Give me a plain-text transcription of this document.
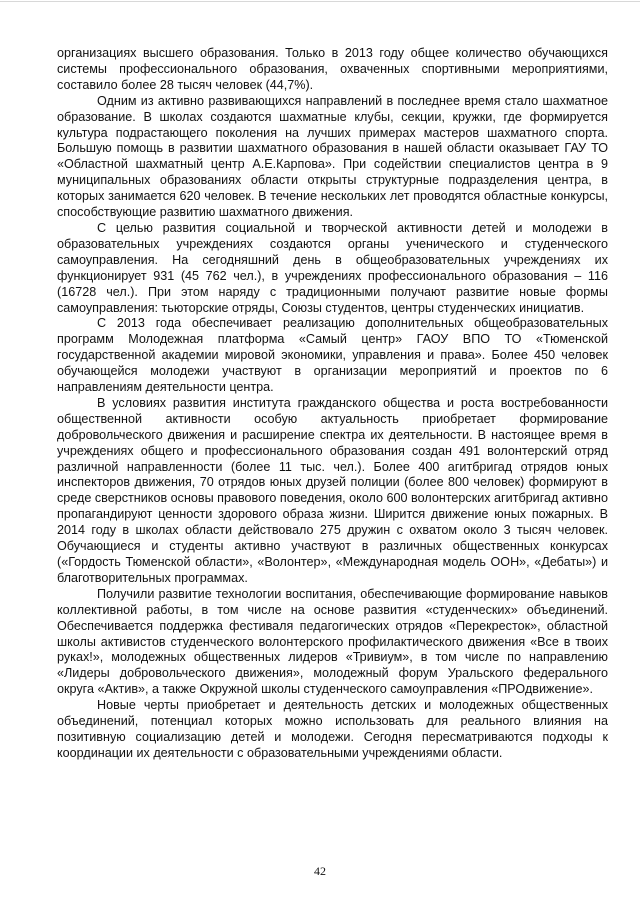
организациях высшего образования. Только в 2013 году общее количество обучающихся системы профессионального образования, охваченных спортивными мероприятиями, составило более 28 тысяч человек (44,7%).

Одним из активно развивающихся направлений в последнее время стало шахматное образование. В школах создаются шахматные клубы, секции, кружки, где формируется культура подрастающего поколения на лучших примерах мастеров шахматного спорта. Большую помощь в развитии шахматного образования в нашей области оказывает ГАУ ТО «Областной шахматный центр А.Е.Карпова». При содействии специалистов центра в 9 муниципальных образованиях области открыты структурные подразделения центра, в которых занимается 620 человек. В течение нескольких лет проводятся областные конкурсы, способствующие развитию шахматного движения.

С целью развития социальной и творческой активности детей и молодежи в образовательных учреждениях создаются органы ученического и студенческого самоуправления. На сегодняшний день в общеобразовательных учреждениях их функционирует 931 (45 762 чел.), в учреждениях профессионального образования – 116 (16728 чел.). При этом наряду с традиционными получают развитие новые формы самоуправления: тьюторские отряды, Союзы студентов, центры студенческих инициатив.

С 2013 года обеспечивает реализацию дополнительных общеобразовательных программ Молодежная платформа «Самый центр» ГАОУ ВПО ТО «Тюменской государственной академии мировой экономики, управления и права». Более 450 человек обучающейся молодежи участвуют в организации мероприятий и проектов по 6 направлениям деятельности центра.

В условиях развития института гражданского общества и роста востребованности общественной активности особую актуальность приобретает формирование добровольческого движения и расширение спектра их деятельности. В настоящее время в учреждениях общего и профессионального образования создан 491 волонтерский отряд различной направленности (более 11 тыс. чел.). Более 400 агитбригад отрядов юных инспекторов движения, 70 отрядов юных друзей полиции (более 800 человек) формируют в среде сверстников основы правового поведения, около 600 волонтерских агитбригад активно пропагандируют ценности здорового образа жизни. Ширится движение юных пожарных. В 2014 году в школах области действовало 275 дружин с охватом около 3 тысяч человек. Обучающиеся и студенты активно участвуют в различных общественных конкурсах («Гордость Тюменской области», «Волонтер», «Международная модель ООН», «Дебаты») и благотворительных программах.

Получили развитие технологии воспитания, обеспечивающие формирование навыков коллективной работы, в том числе на основе развития «студенческих» объединений. Обеспечивается поддержка фестиваля педагогических отрядов «Перекресток», областной школы активистов студенческого волонтерского профилактического движения «Все в твоих руках!», молодежных общественных лидеров «Тривиум», в том числе по направлению «Лидеры добровольческого движения», молодежный форум Уральского федерального округа «Актив», а также Окружной школы студенческого самоуправления «ПРОдвижение».

Новые черты приобретает и деятельность детских и молодежных общественных объединений, потенциал которых можно использовать для реального влияния на позитивную социализацию детей и молодежи. Сегодня пересматриваются подходы к координации их деятельности с образовательными учреждениями области.

42
